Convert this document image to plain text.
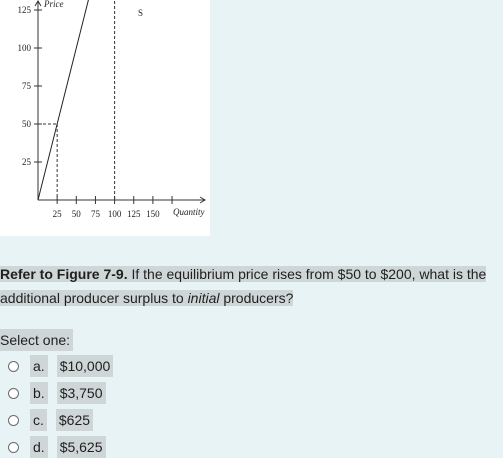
125
100
75
50
25
25 50 75 100 125 150
Price
Quantity
S
Refer to Figure 7-9. If the equilibrium price rises from $50 to $200, what is the additional producer surplus to initial producers?
Select one:
a. $10,000
b. $3,750
c. $625
d. $5,625
